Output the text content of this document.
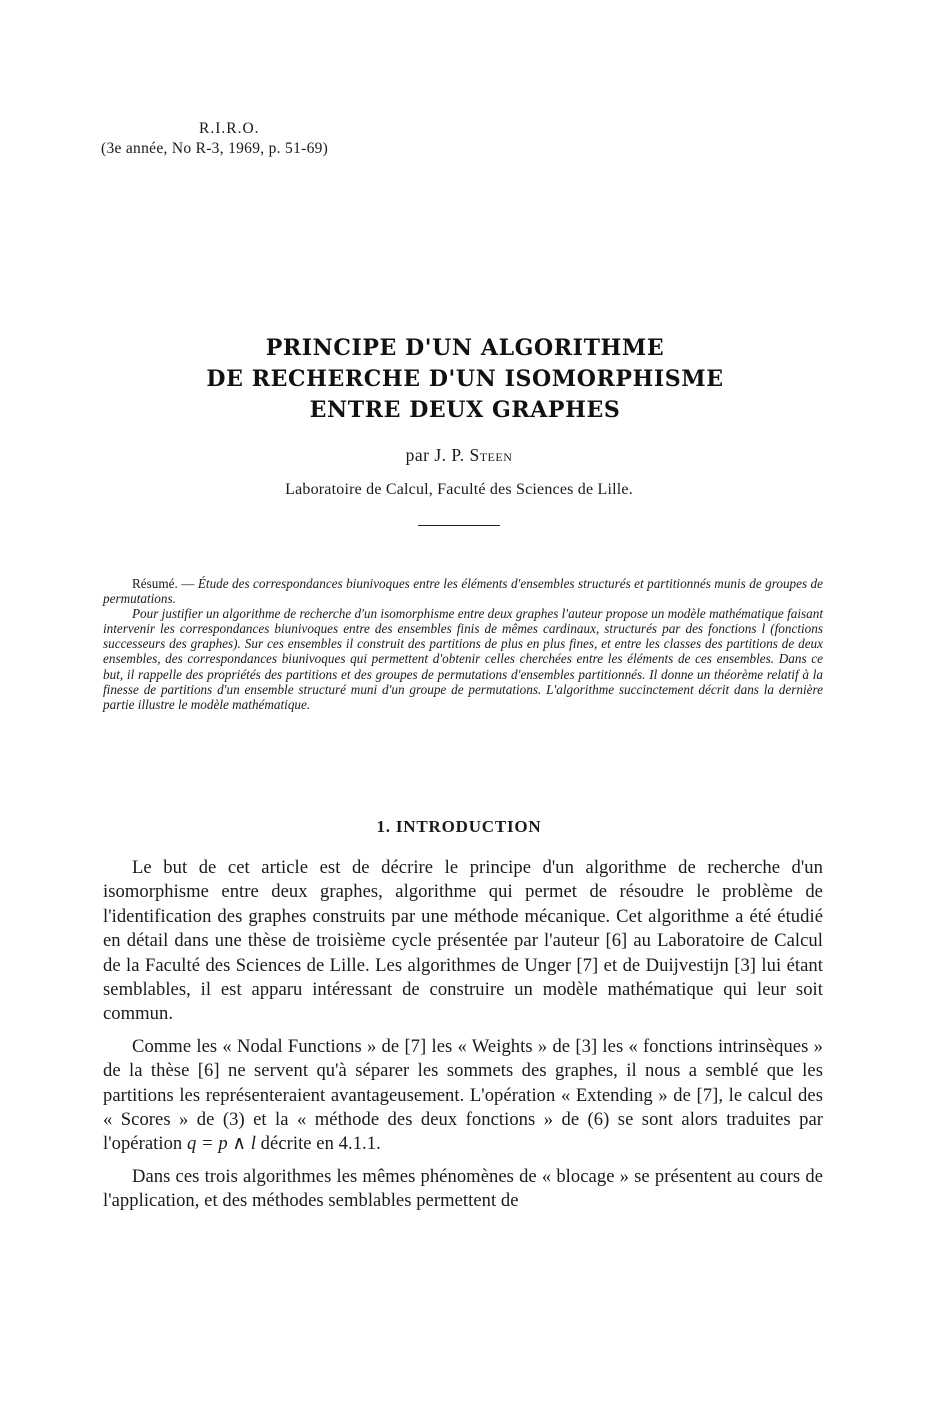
R.I.R.O.
(3e année, No R-3, 1969, p. 51-69)
PRINCIPE D'UN ALGORITHME
DE RECHERCHE D'UN ISOMORPHISME
ENTRE DEUX GRAPHES
par J. P. Steen
Laboratoire de Calcul, Faculté des Sciences de Lille.

Résumé. — Étude des correspondances biunivoques entre les éléments d'ensembles structurés et partitionnés munis de groupes de permutations.

Pour justifier un algorithme de recherche d'un isomorphisme entre deux graphes l'auteur propose un modèle mathématique faisant intervenir les correspondances biunivoques entre des ensembles finis de mêmes cardinaux, structurés par des fonctions l (fonctions successeurs des graphes). Sur ces ensembles il construit des partitions de plus en plus fines, et entre les classes des partitions de deux ensembles, des correspondances biunivoques qui permettent d'obtenir celles cherchées entre les éléments de ces ensembles. Dans ce but, il rappelle des propriétés des partitions et des groupes de permutations d'ensembles partitionnés. Il donne un théorème relatif à la finesse de partitions d'un ensemble structuré muni d'un groupe de permutations. L'algorithme succinctement décrit dans la dernière partie illustre le modèle mathématique.

1. INTRODUCTION

Le but de cet article est de décrire le principe d'un algorithme de recherche d'un isomorphisme entre deux graphes, algorithme qui permet de résoudre le problème de l'identification des graphes construits par une méthode mécanique. Cet algorithme a été étudié en détail dans une thèse de troisième cycle présentée par l'auteur [6] au Laboratoire de Calcul de la Faculté des Sciences de Lille. Les algorithmes de Unger [7] et de Duijvestijn [3] lui étant semblables, il est apparu intéressant de construire un modèle mathématique qui leur soit commun.

Comme les « Nodal Functions » de [7] les « Weights » de [3] les « fonctions intrinsèques » de la thèse [6] ne servent qu'à séparer les sommets des graphes, il nous a semblé que les partitions les représenteraient avantageusement. L'opération « Extending » de [7], le calcul des « Scores » de (3) et la « méthode des deux fonctions » de (6) se sont alors traduites par l'opération q = p ∧ l décrite en 4.1.1.

Dans ces trois algorithmes les mêmes phénomènes de « blocage » se présentent au cours de l'application, et des méthodes semblables permettent de
